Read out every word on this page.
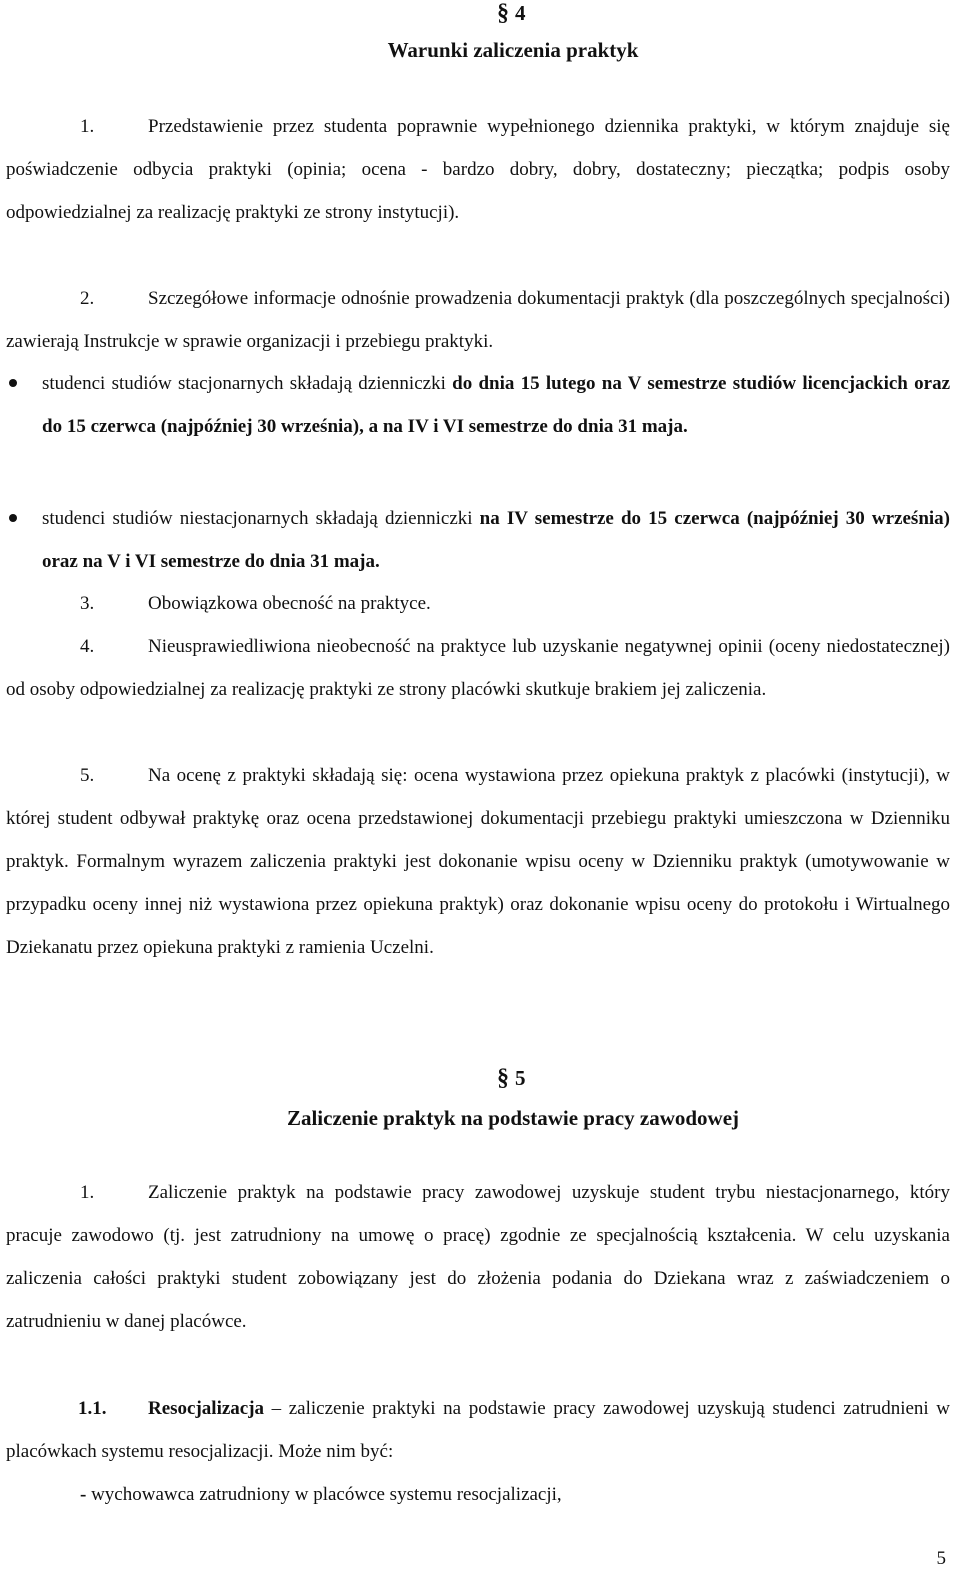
§ 4
Warunki zaliczenia praktyk
1.	Przedstawienie przez studenta poprawnie wypełnionego dziennika praktyki, w którym znajduje się poświadczenie odbycia praktyki (opinia; ocena - bardzo dobry, dobry, dostateczny; pieczątka; podpis osoby odpowiedzialnej za realizację praktyki ze strony instytucji).
2.	Szczegółowe informacje odnośnie prowadzenia dokumentacji praktyk (dla poszczególnych specjalności) zawierają Instrukcje w sprawie organizacji i przebiegu praktyki.
studenci studiów stacjonarnych składają dzienniczki do dnia 15 lutego na V semestrze studiów licencjackich oraz do 15 czerwca (najpóźniej 30 września), a na IV i VI semestrze do dnia 31 maja.
studenci studiów niestacjonarnych składają dzienniczki na IV semestrze do 15 czerwca (najpóźniej 30 września) oraz na V i VI semestrze do dnia 31 maja.
3.	Obowiązkowa obecność na praktyce.
4.	Nieusprawiedliwiona nieobecność na praktyce lub uzyskanie negatywnej opinii (oceny niedostatecznej) od osoby odpowiedzialnej za realizację praktyki ze strony placówki skutkuje brakiem jej zaliczenia.
5.	Na ocenę z praktyki składają się: ocena wystawiona przez opiekuna praktyk z placówki (instytucji), w której student odbywał praktykę oraz ocena przedstawionej dokumentacji przebiegu praktyki umieszczona w Dzienniku praktyk. Formalnym wyrazem zaliczenia praktyki jest dokonanie wpisu oceny w Dzienniku praktyk (umotywowanie w przypadku oceny innej niż wystawiona przez opiekuna praktyk) oraz dokonanie wpisu oceny do protokołu i Wirtualnego Dziekanatu przez opiekuna praktyki z ramienia Uczelni.
§ 5
Zaliczenie praktyk na podstawie pracy zawodowej
1.	Zaliczenie praktyk na podstawie pracy zawodowej uzyskuje student trybu niestacjonarnego, który pracuje zawodowo (tj. jest zatrudniony na umowę o pracę) zgodnie ze specjalnością kształcenia. W celu uzyskania zaliczenia całości praktyki student zobowiązany jest do złożenia podania do Dziekana wraz z zaświadczeniem o zatrudnieniu w danej placówce.
1.1. Resocjalizacja – zaliczenie praktyki na podstawie pracy zawodowej uzyskują studenci zatrudnieni w placówkach systemu resocjalizacji. Może nim być:
- wychowawca zatrudniony w placówce systemu resocjalizacji,
5
